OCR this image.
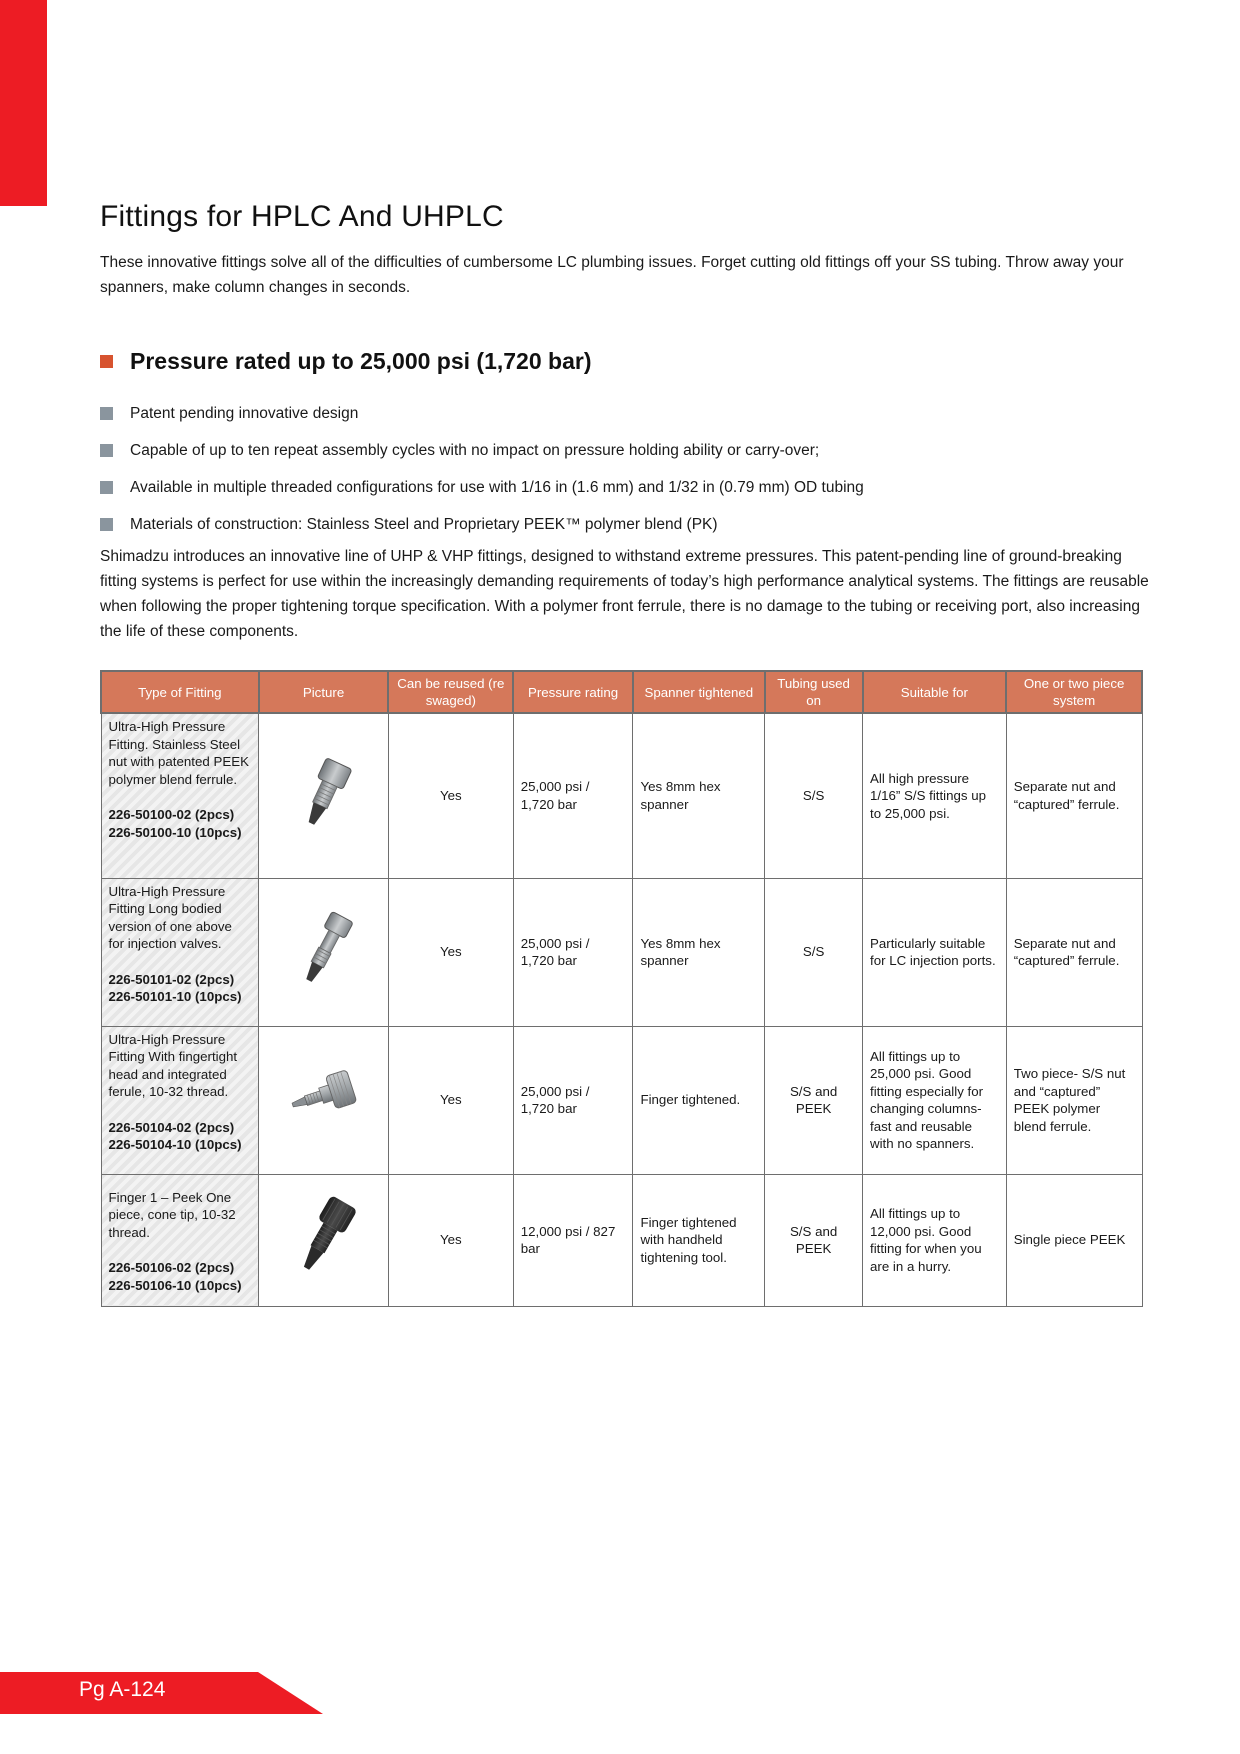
Fittings for HPLC And UHPLC

These innovative fittings solve all of the difficulties of cumbersome LC plumbing issues. Forget cutting old fittings off your SS tubing. Throw away your spanners, make column changes in seconds.

Pressure rated up to 25,000 psi (1,720 bar)
Patent pending innovative design
Capable of up to ten repeat assembly cycles with no impact on pressure holding ability or carry-over;
Available in multiple threaded configurations for use with 1/16 in (1.6 mm) and 1/32 in (0.79 mm) OD tubing
Materials of construction: Stainless Steel and Proprietary PEEK™ polymer blend (PK)

Shimadzu introduces an innovative line of UHP & VHP fittings, designed to withstand extreme pressures. This patent-pending line of ground-breaking fitting systems is perfect for use within the increasingly demanding requirements of today’s high performance analytical systems. The fittings are reusable when following the proper tightening torque specification. With a polymer front ferrule, there is no damage to the tubing or receiving port, also increasing the life of these components.

Type of Fitting	Picture	Can be reused (re swaged)	Pressure rating	Spanner tightened	Tubing used on	Suitable for	One or two piece system

Ultra-High Pressure Fitting. Stainless Steel nut with patented PEEK polymer blend ferrule.
226-50100-02 (2pcs)
226-50100-10 (10pcs)		Yes	25,000 psi / 1,720 bar	Yes 8mm hex spanner	S/S	All high pressure 1/16” S/S fittings up to 25,000 psi.	Separate nut and “captured” ferrule.

Ultra-High Pressure Fitting Long bodied version of one above for injection valves.
226-50101-02 (2pcs)
226-50101-10 (10pcs)		Yes	25,000 psi / 1,720 bar	Yes 8mm hex spanner	S/S	Particularly suitable for LC injection ports.	Separate nut and “captured” ferrule.

Ultra-High Pressure Fitting With fingertight head and integrated ferule, 10-32 thread.
226-50104-02 (2pcs)
226-50104-10 (10pcs)		Yes	25,000 psi / 1,720 bar	Finger tightened.	S/S and PEEK	All fittings up to 25,000 psi. Good fitting especially for changing columns- fast and reusable with no spanners.	Two piece- S/S nut and “captured” PEEK polymer blend ferrule.

Finger 1 – Peek One piece, cone tip, 10-32 thread.
226-50106-02 (2pcs)
226-50106-10 (10pcs)		Yes	12,000 psi / 827 bar	Finger tightened with handheld tightening tool.	S/S and PEEK	All fittings up to 12,000 psi. Good fitting for when you are in a hurry.	Single piece PEEK
Pg A-124
